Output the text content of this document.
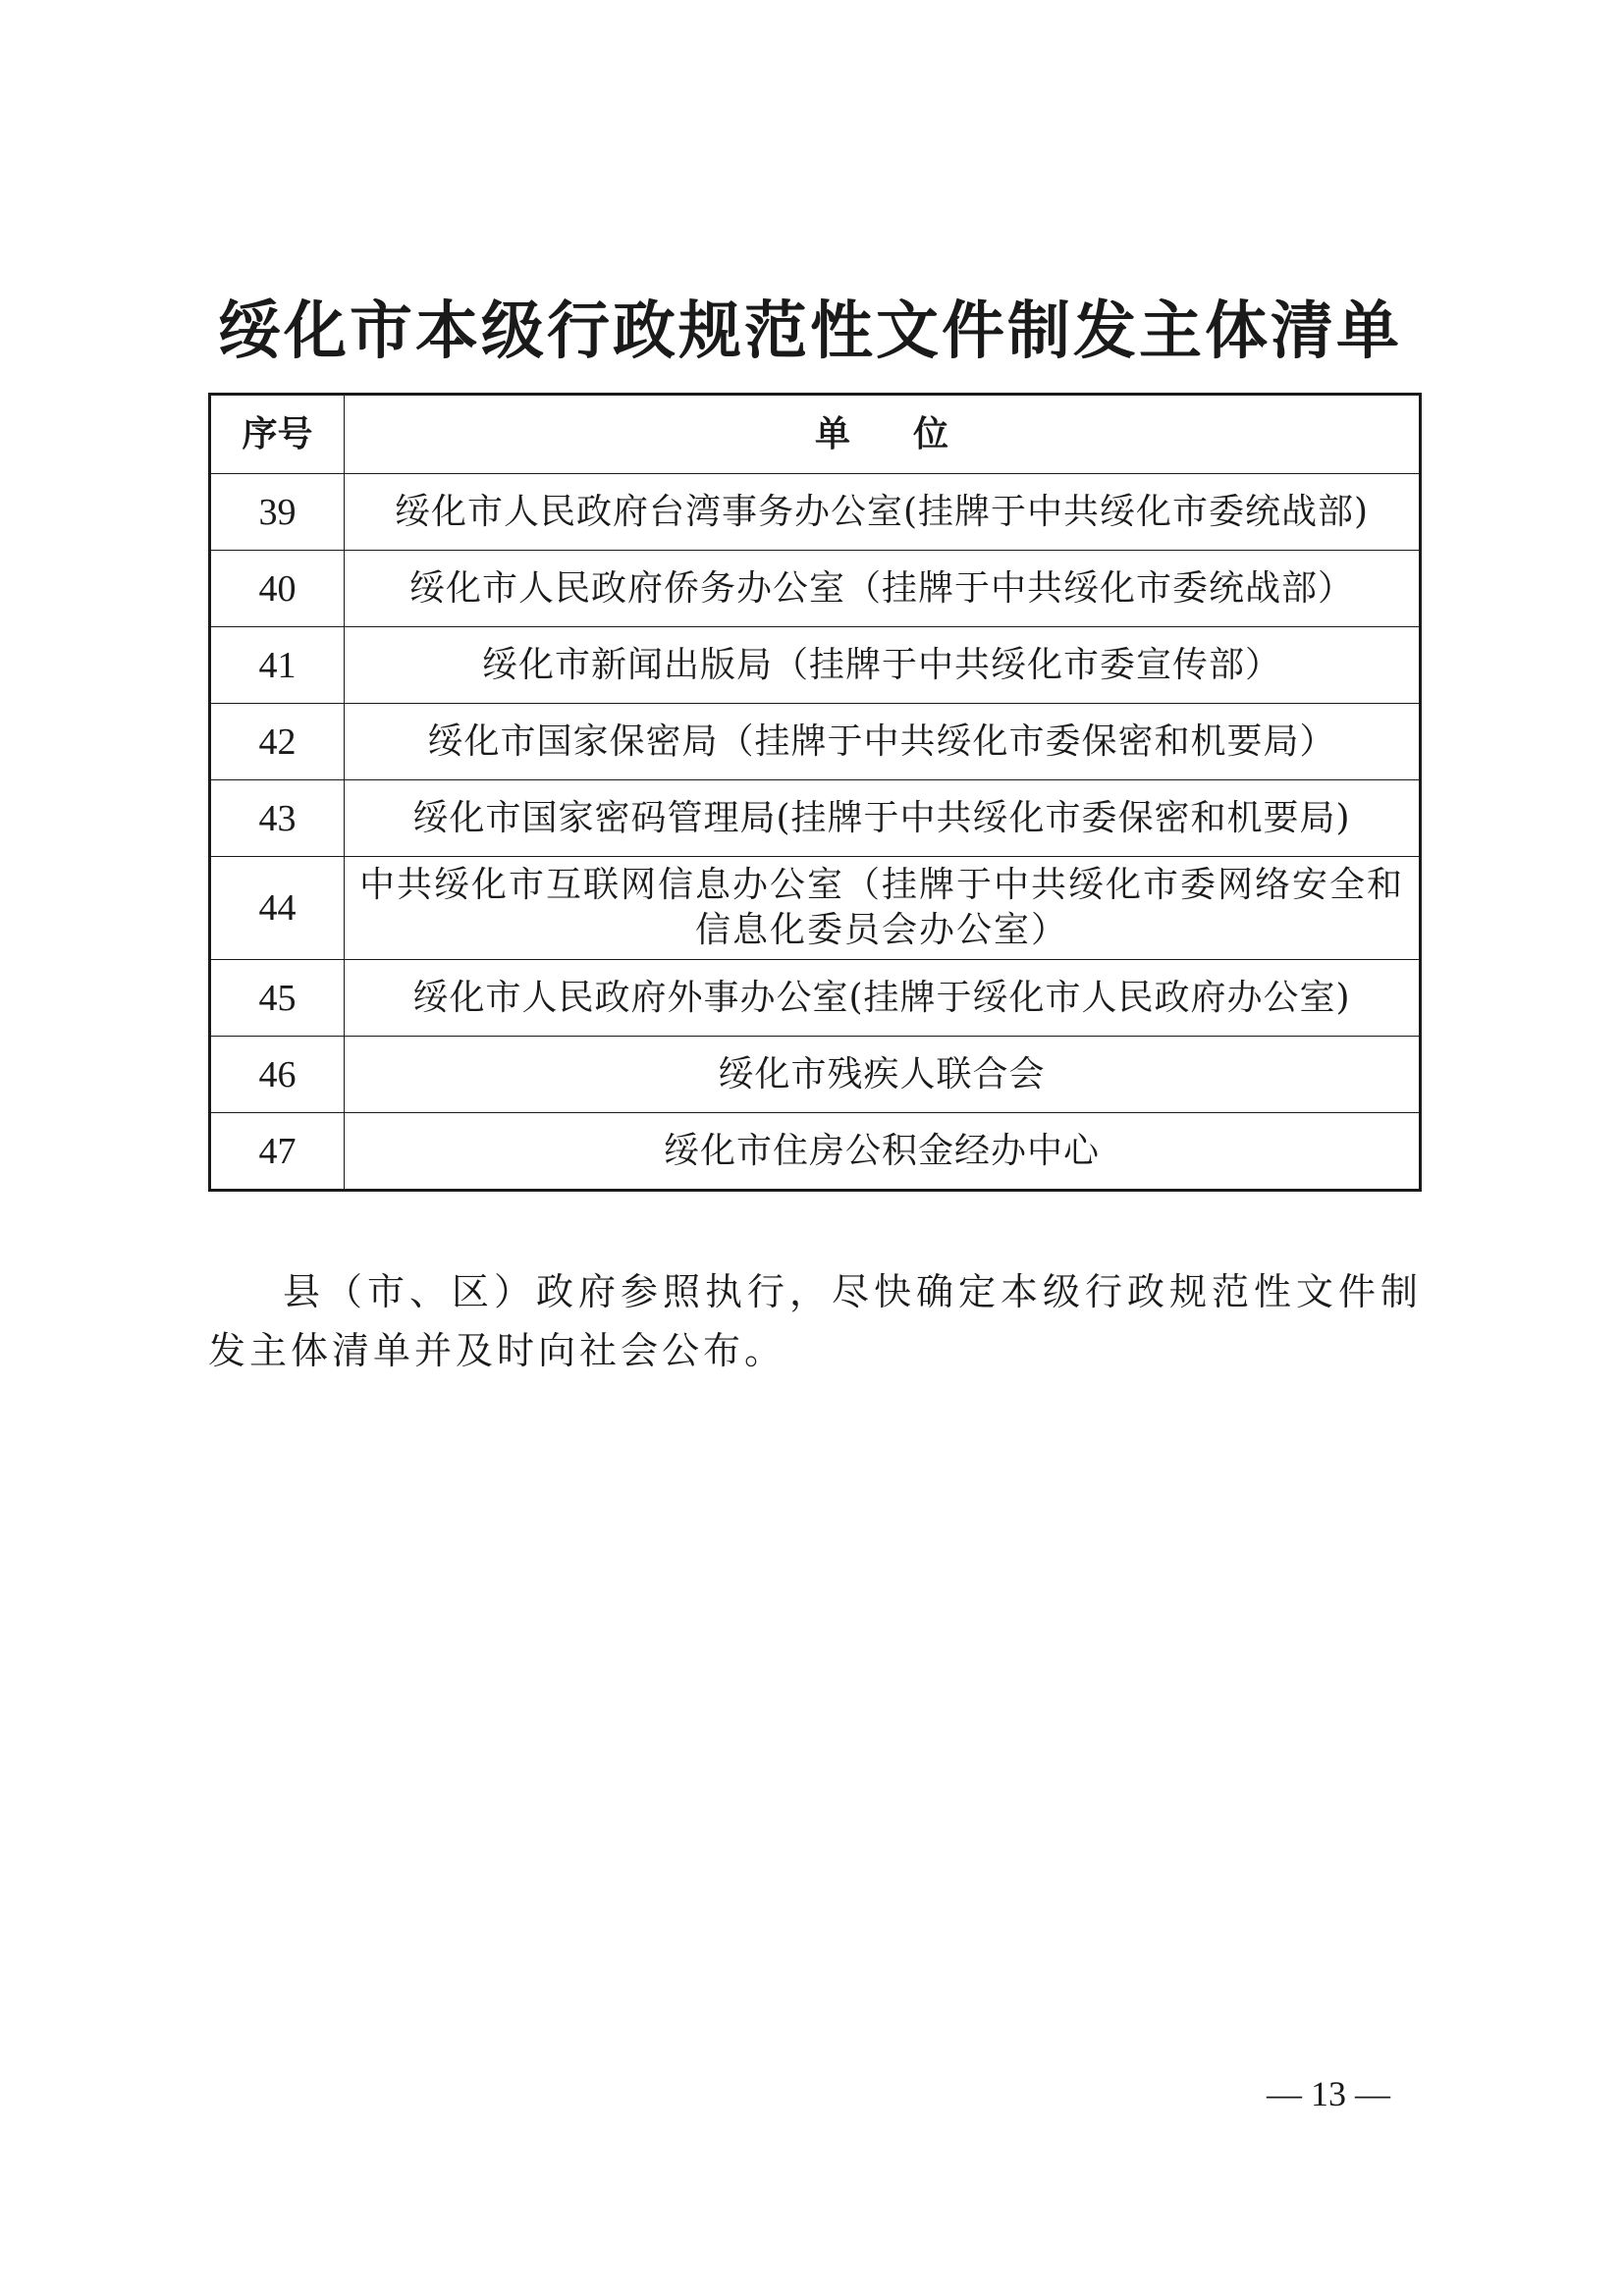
绥化市本级行政规范性文件制发主体清单
序号	单 位
39	绥化市人民政府台湾事务办公室(挂牌于中共绥化市委统战部)
40	绥化市人民政府侨务办公室（挂牌于中共绥化市委统战部）
41	绥化市新闻出版局（挂牌于中共绥化市委宣传部）
42	绥化市国家保密局（挂牌于中共绥化市委保密和机要局）
43	绥化市国家密码管理局(挂牌于中共绥化市委保密和机要局)
44	中共绥化市互联网信息办公室（挂牌于中共绥化市委网络安全和信息化委员会办公室）
45	绥化市人民政府外事办公室(挂牌于绥化市人民政府办公室)
46	绥化市残疾人联合会
47	绥化市住房公积金经办中心

县（市、区）政府参照执行，尽快确定本级行政规范性文件制发主体清单并及时向社会公布。

— 13 —
